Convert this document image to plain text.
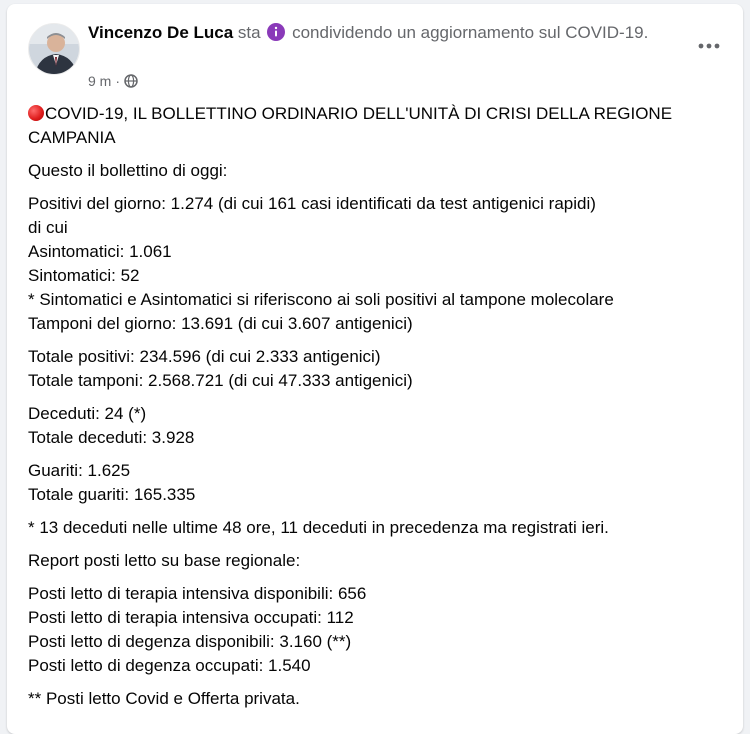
Vincenzo De Luca sta condividendo un aggiornamento sul COVID-19.
9 m ·
COVID-19, IL BOLLETTINO ORDINARIO DELL'UNITÀ DI CRISI DELLA REGIONE CAMPANIA
Questo il bollettino di oggi:
Positivi del giorno: 1.274 (di cui 161 casi identificati da test antigenici rapidi)
di cui
Asintomatici: 1.061
Sintomatici: 52
* Sintomatici e Asintomatici si riferiscono ai soli positivi al tampone molecolare
Tamponi del giorno: 13.691 (di cui 3.607 antigenici)
Totale positivi: 234.596 (di cui 2.333 antigenici)
Totale tamponi: 2.568.721 (di cui 47.333 antigenici)
Deceduti: 24 (*)
Totale deceduti: 3.928
Guariti: 1.625
Totale guariti: 165.335
* 13 deceduti nelle ultime 48 ore, 11 deceduti in precedenza ma registrati ieri.
Report posti letto su base regionale:
Posti letto di terapia intensiva disponibili: 656
Posti letto di terapia intensiva occupati: 112
Posti letto di degenza disponibili: 3.160 (**)
Posti letto di degenza occupati: 1.540
** Posti letto Covid e Offerta privata.
